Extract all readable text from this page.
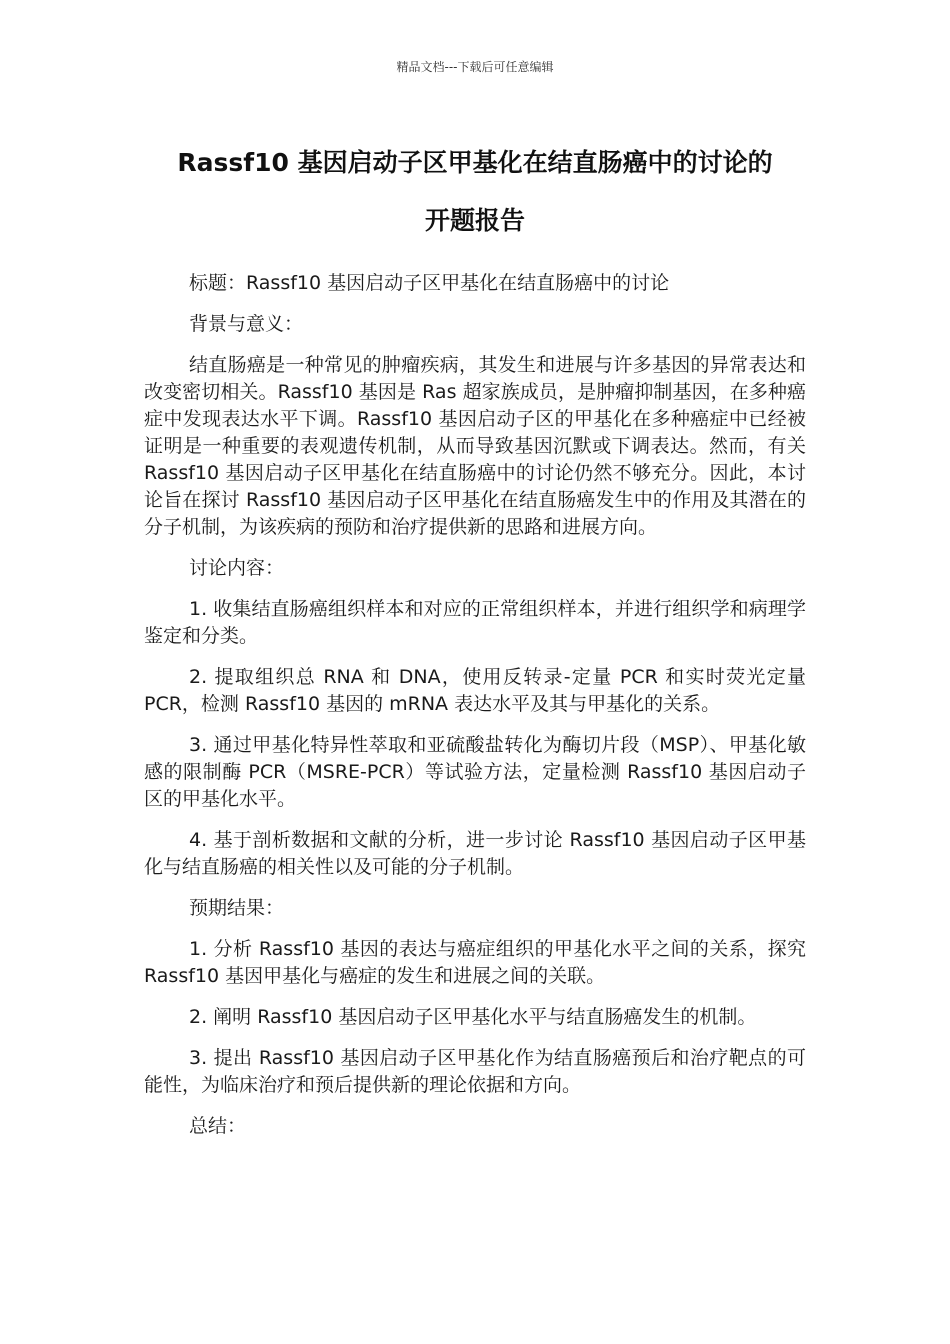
精品文档---下载后可任意编辑
Rassf10 基因启动子区甲基化在结直肠癌中的讨论的
开题报告

标题：Rassf10 基因启动子区甲基化在结直肠癌中的讨论

背景与意义：

结直肠癌是一种常见的肿瘤疾病，其发生和进展与许多基因的异常表达和改变密切相关。Rassf10 基因是 Ras 超家族成员，是肿瘤抑制基因，在多种癌症中发现表达水平下调。Rassf10 基因启动子区的甲基化在多种癌症中已经被证明是一种重要的表观遗传机制，从而导致基因沉默或下调表达。然而，有关 Rassf10 基因启动子区甲基化在结直肠癌中的讨论仍然不够充分。因此，本讨论旨在探讨 Rassf10 基因启动子区甲基化在结直肠癌发生中的作用及其潜在的分子机制，为该疾病的预防和治疗提供新的思路和进展方向。

讨论内容：

1. 收集结直肠癌组织样本和对应的正常组织样本，并进行组织学和病理学鉴定和分类。

2. 提取组织总 RNA 和 DNA，使用反转录-定量 PCR 和实时荧光定量 PCR，检测 Rassf10 基因的 mRNA 表达水平及其与甲基化的关系。

3. 通过甲基化特异性萃取和亚硫酸盐转化为酶切片段（MSP）、甲基化敏感的限制酶 PCR（MSRE-PCR）等试验方法，定量检测 Rassf10 基因启动子区的甲基化水平。

4. 基于剖析数据和文献的分析，进一步讨论 Rassf10 基因启动子区甲基化与结直肠癌的相关性以及可能的分子机制。

预期结果：

1. 分析 Rassf10 基因的表达与癌症组织的甲基化水平之间的关系，探究 Rassf10 基因甲基化与癌症的发生和进展之间的关联。

2. 阐明 Rassf10 基因启动子区甲基化水平与结直肠癌发生的机制。

3. 提出 Rassf10 基因启动子区甲基化作为结直肠癌预后和治疗靶点的可能性，为临床治疗和预后提供新的理论依据和方向。

总结：
